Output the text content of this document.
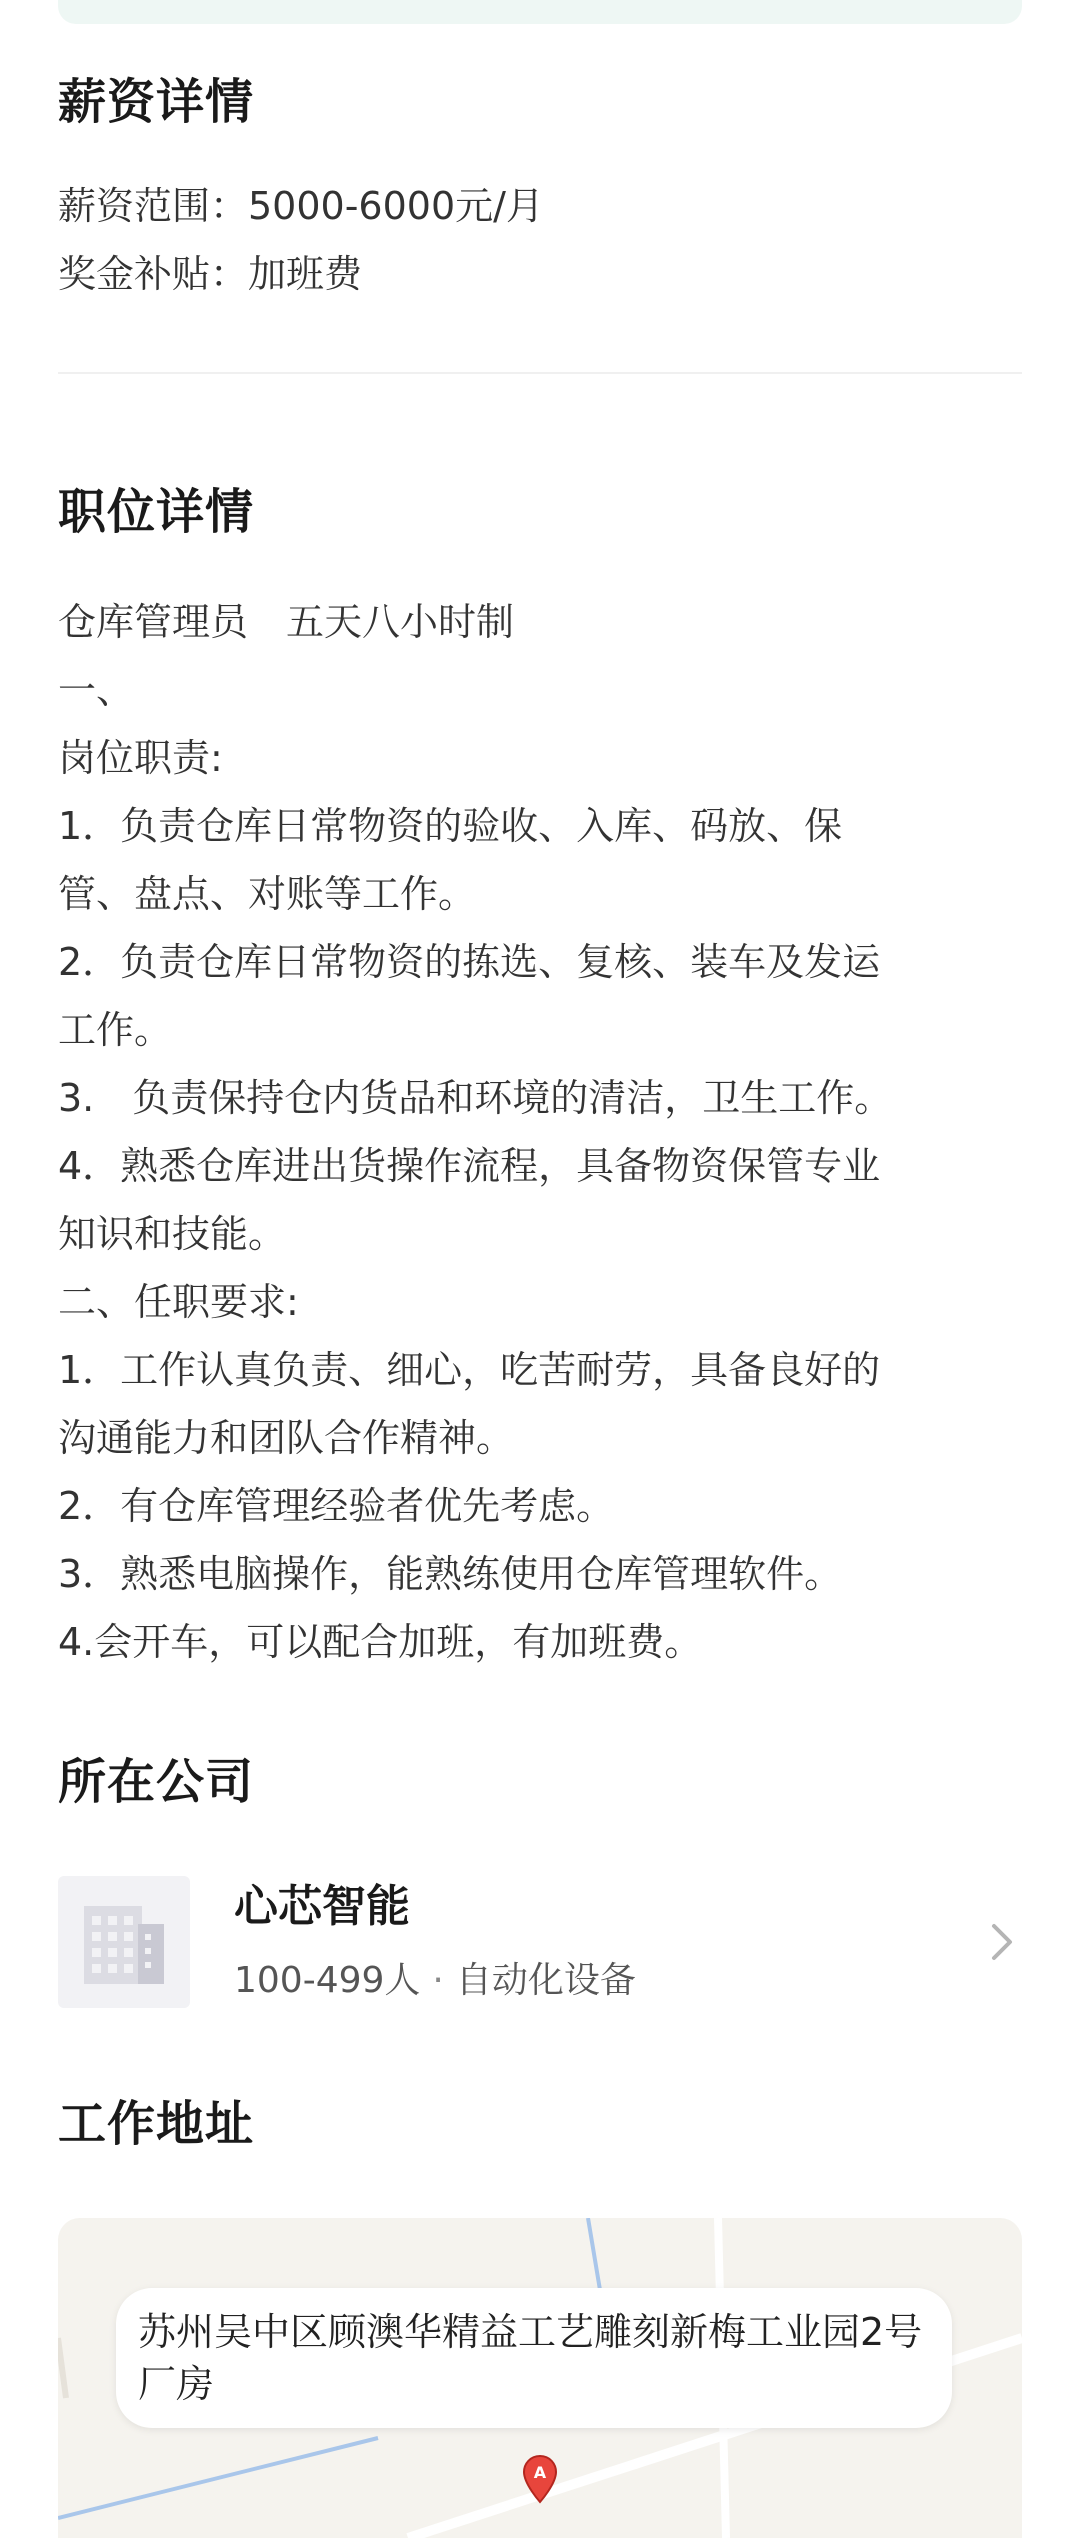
薪资详情
薪资范围：5000-6000元/月
奖金补贴：加班费
职位详情
仓库管理员　五天八小时制
一、
岗位职责:
1．负责仓库日常物资的验收、入库、码放、保
管、盘点、对账等工作。
2．负责仓库日常物资的拣选、复核、装车及发运
工作。
3.　负责保持仓内货品和环境的清洁，卫生工作。
4．熟悉仓库进出货操作流程，具备物资保管专业
知识和技能。
二、任职要求:
1．工作认真负责、细心，吃苦耐劳，具备良好的
沟通能力和团队合作精神。
2．有仓库管理经验者优先考虑。
3．熟悉电脑操作，能熟练使用仓库管理软件。
4.会开车，可以配合加班，有加班费。
所在公司
心芯智能
100-499人 · 自动化设备
工作地址
苏州吴中区顾澳华精益工艺雕刻新梅工业园2号厂房
A
